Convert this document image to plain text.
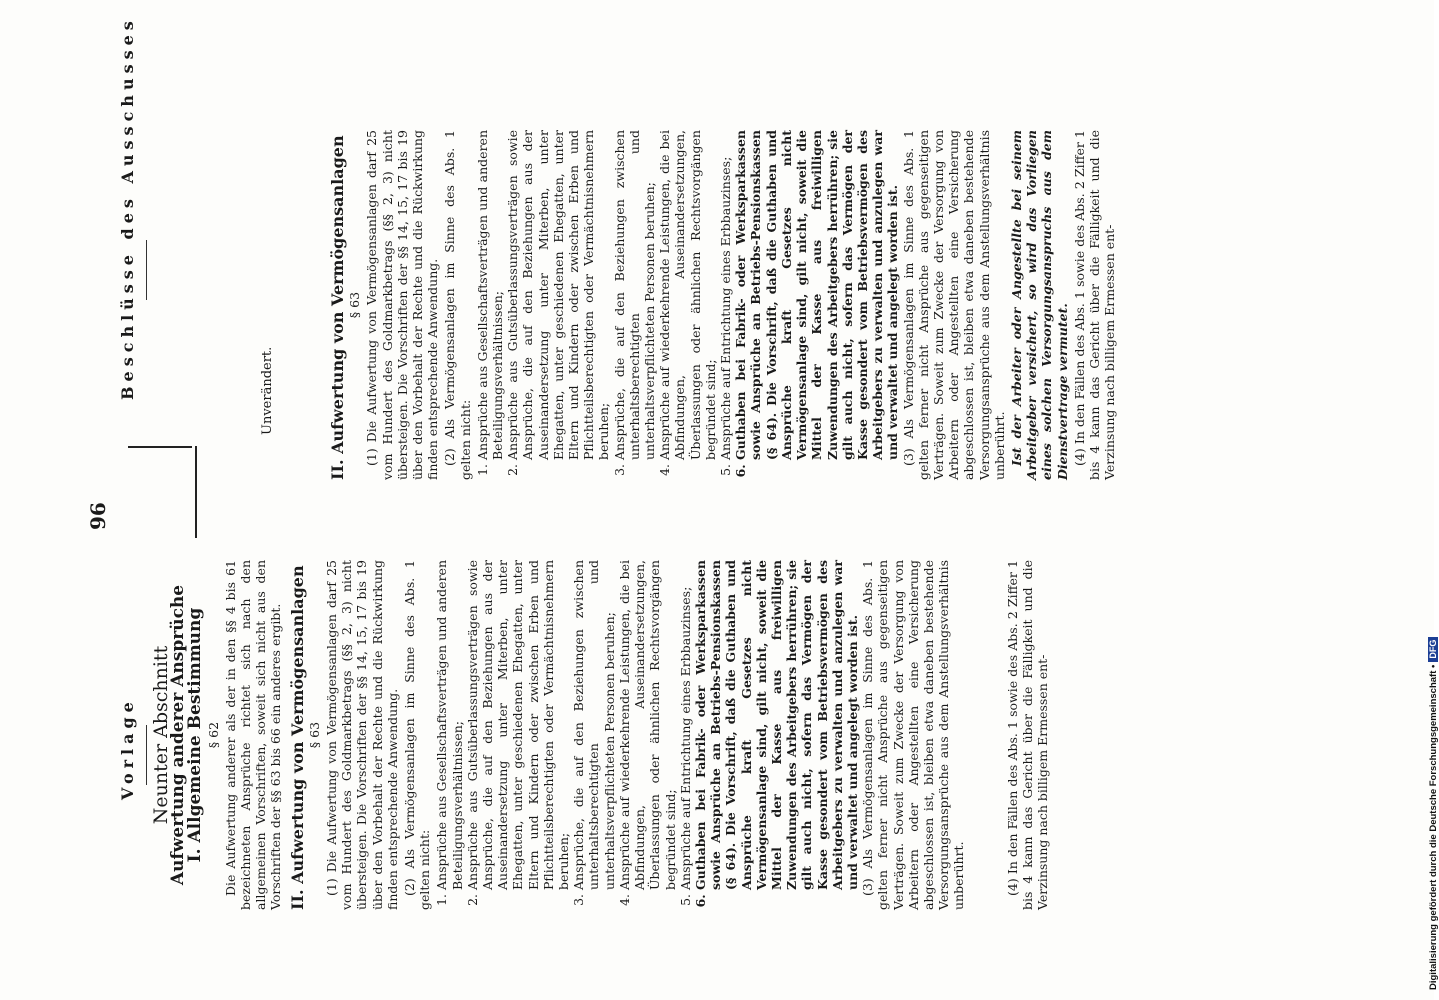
96
Vorlage
Beschlüsse des Ausschusses	Unverändert.

Neunter Abschnitt

Aufwertung anderer Ansprüche

I. Allgemeine Bestimmung § 62 Die Aufwertung anderer als der in den §§ 4 bis 61 bezeichneten Ansprüche richtet sich nach den allgemeinen Vorschriften, soweit sich nicht aus den Vorschriften der §§ 63 bis 66 ein anderes ergibt. II. Aufwertung von Vermögensanlagen § 63 (1) Die Aufwertung von Vermögensanlagen darf 25 vom Hundert des Goldmarkbetrags (§§ 2, 3) nicht übersteigen. Die Vorschriften der §§ 14, 15, 17 bis 19 über den Vorbehalt der Rechte und die Rückwirkung finden entsprechende Anwendung. (2) Als Vermögensanlagen im Sinne des Abs. 1 gelten nicht: 1. Ansprüche aus Gesellschaftsverträgen und anderen Beteiligungsverhältnissen; 2. Ansprüche aus Gutsüberlassungsverträgen sowie Ansprüche, die auf den Beziehungen aus der Auseinandersetzung unter Miterben, unter Ehegatten, unter geschiedenen Ehegatten, unter Eltern und Kindern oder zwischen Erben und Pflichtteilsberechtigten oder Vermächtnisnehmern beruhen; 3. Ansprüche, die auf den Beziehungen zwischen unterhaltsberechtigten und unterhaltsverpflichteten Personen beruhen; 4. Ansprüche auf wiederkehrende Leistungen, die bei Abfindungen, Auseinandersetzungen, Überlassungen oder ähnlichen Rechtsvorgängen begründet sind; 5. Ansprüche auf Entrichtung eines Erbbauzinses; 6. Guthaben bei Fabrik- oder Werksparkassen sowie Ansprüche an Betriebs-Pensionskassen (§ 64). Die Vorschrift, daß die Guthaben und Ansprüche kraft Gesetzes nicht Vermögensanlage sind, gilt nicht, soweit die Mittel der Kasse aus freiwilligen Zuwendungen des Arbeitgebers herrühren; sie gilt auch nicht, sofern das Vermögen der Kasse gesondert vom Betriebsvermögen des Arbeitgebers zu verwalten und anzulegen war und verwaltet und angelegt worden ist. (3) Als Vermögensanlagen im Sinne des Abs. 1 gelten ferner nicht Ansprüche aus gegenseitigen Verträgen. Soweit zum Zwecke der Versorgung von Arbeitern oder Angestellten eine Versicherung abgeschlossen ist, bleiben etwa daneben bestehende Versorgungsansprüche aus dem Anstellungsverhältnis unberührt.	(4) In den Fällen des Abs. 1 sowie des Abs. 2 Ziffer 1 bis 4 kann das Gericht über die Fälligkeit und die Verzinsung nach billigem Ermessen ent-

II. Aufwertung von Vermögensanlagen § 63 (1) Die Aufwertung von Vermögensanlagen darf 25 vom Hundert des Goldmarkbetrags (§§ 2, 3) nicht übersteigen. Die Vorschriften der §§ 14, 15, 17 bis 19 über den Vorbehalt der Rechte und die Rückwirkung finden entsprechende Anwendung. (2) Als Vermögensanlagen im Sinne des Abs. 1 gelten nicht: 1. Ansprüche aus Gesellschaftsverträgen und anderen Beteiligungsverhältnissen; 2. Ansprüche aus Gutsüberlassungsverträgen sowie Ansprüche, die auf den Beziehungen aus der Auseinandersetzung unter Miterben, unter Ehegatten, unter geschiedenen Ehegatten, unter Eltern und Kindern oder zwischen Erben und Pflichtteilsberechtigten oder Vermächtnisnehmern beruhen; 3. Ansprüche, die auf den Beziehungen zwischen unterhaltsberechtigten und unterhaltsverpflichteten Personen beruhen; 4. Ansprüche auf wiederkehrende Leistungen, die bei Abfindungen, Auseinandersetzungen, Überlassungen oder ähnlichen Rechtsvorgängen begründet sind; 5. Ansprüche auf Entrichtung eines Erbbauzinses; 6. Guthaben bei Fabrik- oder Werksparkassen sowie Ansprüche an Betriebs-Pensionskassen (§ 64). Die Vorschrift, daß die Guthaben und Ansprüche kraft Gesetzes nicht Vermögensanlage sind, gilt nicht, soweit die Mittel der Kasse aus freiwilligen Zuwendungen des Arbeitgebers herrühren; sie gilt auch nicht, sofern das Vermögen der Kasse gesondert vom Betriebsvermögen des Arbeitgebers zu verwalten und anzulegen war und verwaltet und angelegt worden ist. (3) Als Vermögensanlagen im Sinne des Abs. 1 gelten ferner nicht Ansprüche aus gegenseitigen Verträgen. Soweit zum Zwecke der Versorgung von Arbeitern oder Angestellten eine Versicherung abgeschlossen ist, bleiben etwa daneben bestehende Versorgungsansprüche aus dem Anstellungsverhältnis unberührt. Ist der Arbeiter oder Angestellte bei seinem Arbeitgeber versichert, so wird das Vorliegen eines solchen Versorgungsanspruchs aus dem Dienstvertrage vermutet. (4) In den Fällen des Abs. 1 sowie des Abs. 2 Ziffer 1 bis 4 kann das Gericht über die Fälligkeit und die Verzinsung nach billigem Ermessen ent-

Digitalisierung gefördert durch die Deutsche Forschungsgemeinschaft •DFG
